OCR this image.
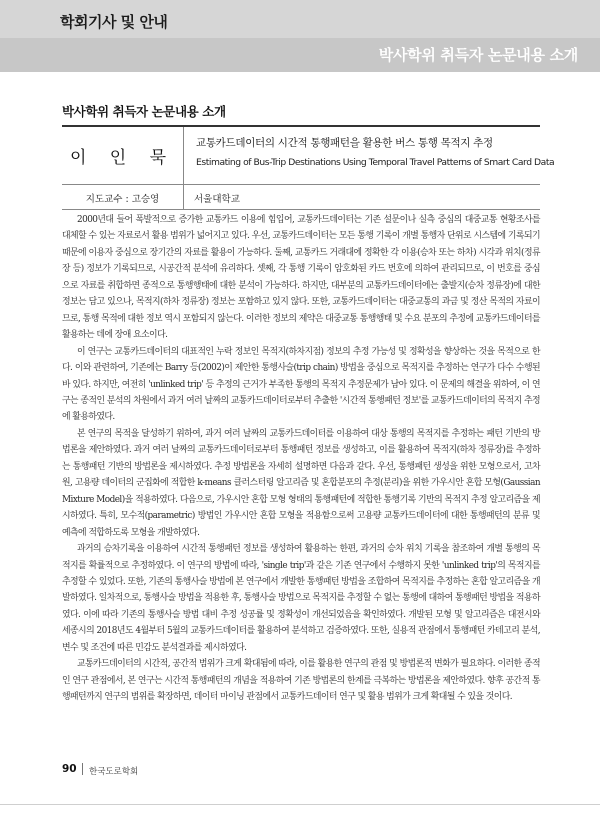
학회기사 및 안내
박사학위 취득자 논문내용 소개
박사학위 취득자 논문내용 소개
이 인 묵
교통카드데이터의 시간적 통행패턴을 활용한 버스 통행 목적지 추정
Estimating of Bus-Trip Destinations Using Temporal Travel Patterns of Smart Card Data
지도교수 : 고승영	서울대학교

2000년대 들어 폭발적으로 증가한 교통카드 이용에 힘입어, 교통카드데이터는 기존 설문이나 실측 중심의 대중교통 현황조사를 대체할 수 있는 자료로서 활용 범위가 넓어지고 있다. 우선, 교통카드데이터는 모든 통행 기록이 개별 통행자 단위로 시스템에 기록되기 때문에 이용자 중심으로 장기간의 자료를 활용이 가능하다. 둘째, 교통카드 거래대에 정확한 각 이용(승차 또는 하차) 시각과 위치(정류장 등) 정보가 기록되므로, 시공간적 분석에 유리하다. 셋째, 각 통행 기록이 암호화된 카드 번호에 의하여 관리되므로, 이 번호를 중심으로 자료를 취합하면 종적으로 통행행태에 대한 분석이 가능하다. 하지만, 대부분의 교통카드데이터에는 출발지(승차 정류장)에 대한 정보는 담고 있으나, 목적지(하차 정류장) 정보는 포함하고 있지 않다. 또한, 교통카드데이터는 대중교통의 과금 및 정산 목적의 자료이므로, 통행 목적에 대한 정보 역시 포함되지 않는다. 이러한 정보의 제약은 대중교통 통행행태 및 수요 분포의 추정에 교통카드데이터를 활용하는 데에 장애 요소이다.

이 연구는 교통카드데이터의 대표적인 누락 정보인 목적지(하차지점) 정보의 추정 가능성 및 정확성을 향상하는 것을 목적으로 한다. 이와 관련하여, 기존에는 Barry 등(2002)이 제안한 통행사슬(trip chain) 방법을 중심으로 목적지를 추정하는 연구가 다수 수행된 바 있다. 하지만, 여전히 'unlinked trip' 등 추정의 근거가 부족한 통행의 목적지 추정문제가 남아 있다. 이 문제의 해결을 위하여, 이 연구는 종적인 분석의 차원에서 과거 여러 날짜의 교통카드데이터로부터 추출한 '시간적 통행패턴 정보'를 교통카드데이터의 목적지 추정에 활용하였다.

본 연구의 목적을 달성하기 위하여, 과거 여러 날짜의 교통카드데이터를 이용하여 대상 통행의 목적지를 추정하는 패턴 기반의 방법론을 제안하였다. 과거 여러 날짜의 교통카드데이터로부터 통행패턴 정보를 생성하고, 이를 활용하여 목적지(하차 정류장)를 추정하는 통행패턴 기반의 방법론을 제시하였다. 추정 방법론을 자세히 설명하면 다음과 같다. 우선, 통행패턴 생성을 위한 모형으로서, 고차원, 고용량 데이터의 군집화에 적합한 k-means 클러스터링 알고리즘 및 혼합분포의 추정(분리)을 위한 가우시안 혼합 모형(Gaussian Mixture Model)을 적용하였다. 다음으로, 가우시안 혼합 모형 형태의 통행패턴에 적합한 통행기록 기반의 목적지 추정 알고리즘을 제시하였다. 특히, 모수적(parametric) 방법인 가우시안 혼합 모형을 적용함으로써 고용량 교통카드데이터에 대한 통행패턴의 분류 및 예측에 적합하도록 모형을 개발하였다.

과거의 승차기록을 이용하여 시간적 통행패턴 정보를 생성하여 활용하는 한편, 과거의 승차 위치 기록을 참조하여 개별 통행의 목적지를 확률적으로 추정하였다. 이 연구의 방법에 따라, 'single trip'과 같은 기존 연구에서 수행하지 못한 'unlinked trip'의 목적지를 추정할 수 있었다. 또한, 기존의 통행사슬 방법에 본 연구에서 개발한 통행패턴 방법을 조합하여 목적지를 추정하는 혼합 알고리즘을 개발하였다. 일차적으로, 통행사슬 방법을 적용한 후, 통행사슬 방법으로 목적지를 추정할 수 없는 통행에 대하여 통행패턴 방법을 적용하였다. 이에 따라 기존의 통행사슬 방법 대비 추정 성공률 및 정확성이 개선되었음을 확인하였다. 개발된 모형 및 알고리즘은 대전시와 세종시의 2018년도 4월부터 5월의 교통카드데이터를 활용하여 분석하고 검증하였다. 또한, 실용적 관점에서 통행패턴 카테고리 분석, 변수 및 조건에 따른 민감도 분석결과를 제시하였다.

교통카드데이터의 시간적, 공간적 범위가 크게 확대됨에 따라, 이를 활용한 연구의 관점 및 방법론적 변화가 필요하다. 이러한 종적인 연구 관점에서, 본 연구는 시간적 통행패턴의 개념을 적용하여 기존 방법론의 한계를 극복하는 방법론을 제안하였다. 향후 공간적 통행패턴까지 연구의 범위를 확장하면, 데이터 마이닝 관점에서 교통카드데이터 연구 및 활용 범위가 크게 확대될 수 있을 것이다.

90 한국도로학회
